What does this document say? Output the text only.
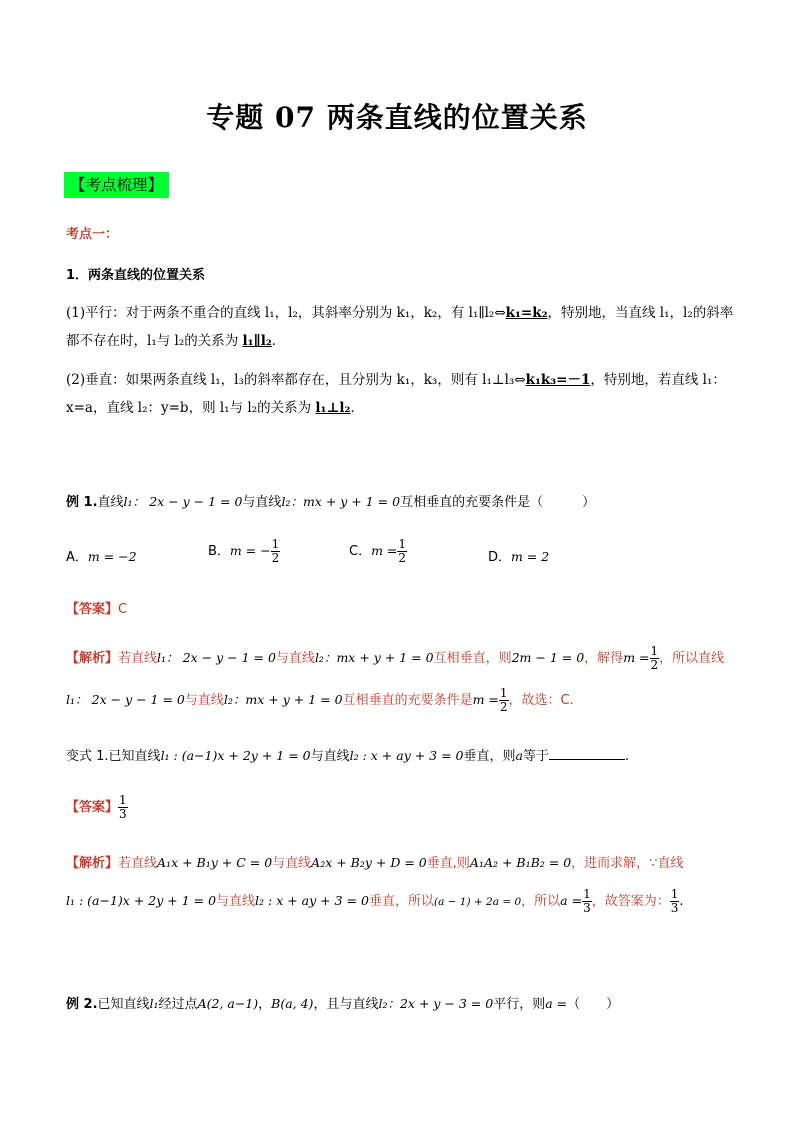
专题 07 两条直线的位置关系
【考点梳理】
考点一：
1．两条直线的位置关系
(1)平行：对于两条不重合的直线 l₁，l₂，其斜率分别为 k₁，k₂，有 l₁∥l₂⇔k₁=k₂，特别地，当直线 l₁，l₂的斜率都不存在时，l₁与 l₂的关系为 l₁∥l₂．
(2)垂直：如果两条直线 l₁，l₃的斜率都存在，且分别为 k₁，k₃，则有 l₁⊥l₃⇔k₁k₃=－1，特别地，若直线 l₁：x=a，直线 l₂：y=b，则 l₁与 l₂的关系为 l₁⊥l₂．
例 1.直线l₁： 2x − y − 1 = 0与直线l₂：mx + y + 1 = 0互相垂直的充要条件是（　　　）
A．m = −2	B．m = − $\frac{1}{2}$	C．$m = \frac{1}{2}$	D．m = 2
【答案】C
【解析】若直线l₁： 2x − y − 1 = 0与直线l₂：mx + y + 1 = 0互相垂直，则2m − 1 = 0，解得$m = \frac{1}{2}$ ，所以直线
l₁： 2x − y − 1 = 0与直线l₂：mx + y + 1 = 0互相垂直的充要条件是$m = \frac{1}{2}$ ，故选：C.
变式 1.已知直线l₁ : (a−1)x + 2y + 1 = 0与直线l₂ : x + ay + 3 = 0垂直，则a等于	.
【答案】 $\frac{1}{3}$
【解析】若直线A₁x + B₁y + C = 0与直线A₂x + B₂y + D = 0垂直,则A₁A₂ + B₁B₂ = 0，进而求解，∵直线
l₁ : (a−1)x + 2y + 1 = 0与直线l₂ : x + ay + 3 = 0垂直，所以(a − 1) + 2a = 0，所以$a = \frac{1}{3}$ ，故答案为： $\frac{1}{3}$ .
例 2.已知直线l₁经过点A(2, a−1)，B(a, 4)，且与直线l₂：2x + y − 3 = 0平行，则a =（　　）
